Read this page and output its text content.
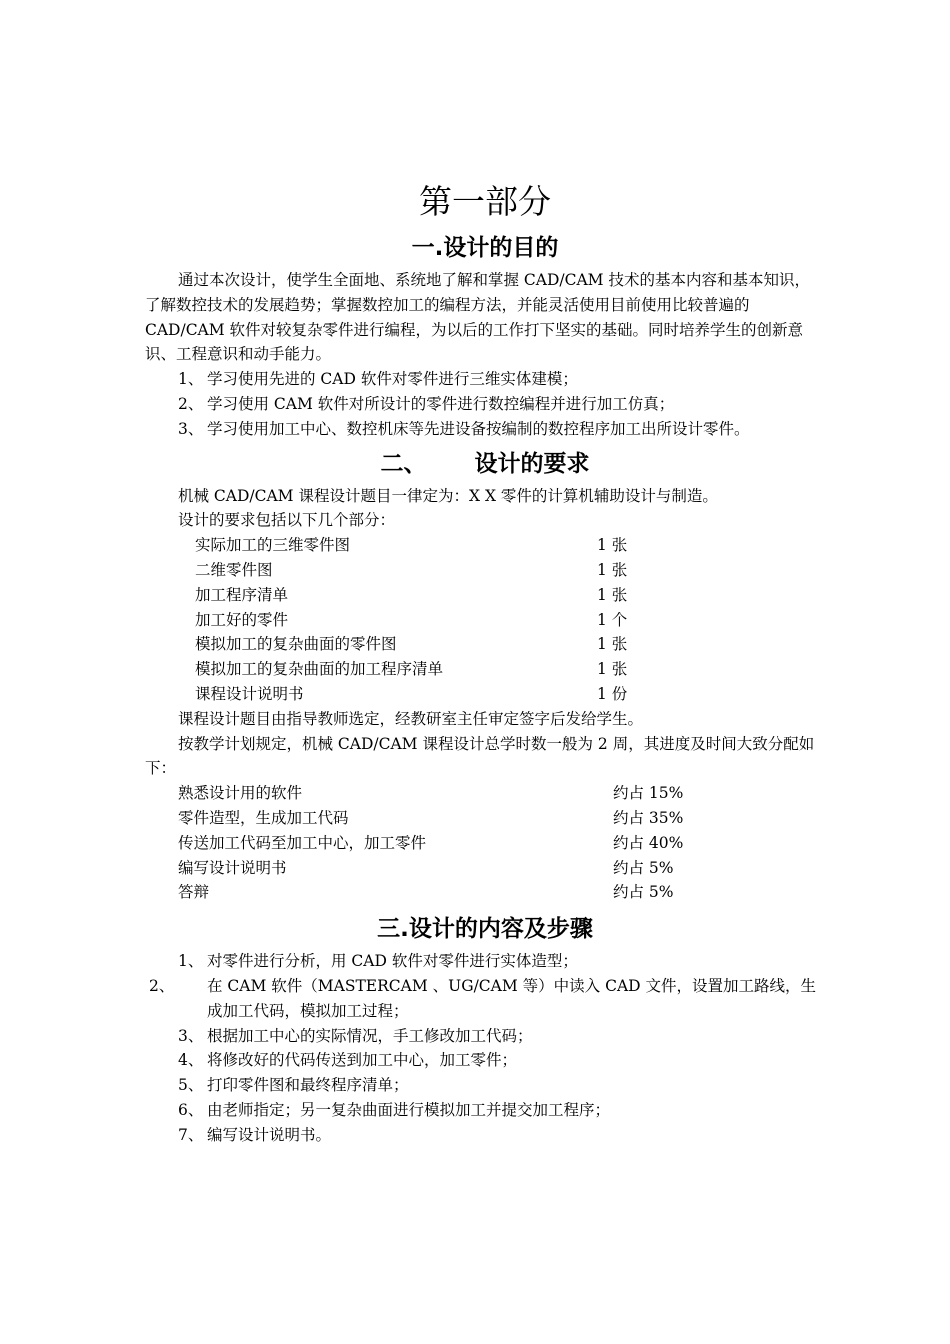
第一部分
一.设计的目的

通过本次设计，使学生全面地、系统地了解和掌握 CAD/CAM 技术的基本内容和基本知识，了解数控技术的发展趋势；掌握数控加工的编程方法，并能灵活使用目前使用比较普遍的 CAD/CAM 软件对较复杂零件进行编程，为以后的工作打下坚实的基础。同时培养学生的创新意识、工程意识和动手能力。

1、 学习使用先进的 CAD 软件对零件进行三维实体建模；
2、 学习使用 CAM 软件对所设计的零件进行数控编程并进行加工仿真；
3、 学习使用加工中心、数控机床等先进设备按编制的数控程序加工出所设计零件。
二、 设计的要求

机械 CAD/CAM 课程设计题目一律定为：X X 零件的计算机辅助设计与制造。

设计的要求包括以下几个部分：

实际加工的三维零件图	1 张
二维零件图	1 张
加工程序清单	1 张
加工好的零件	1 个
模拟加工的复杂曲面的零件图	1 张
模拟加工的复杂曲面的加工程序清单	1 张
课程设计说明书	1 份

课程设计题目由指导教师选定，经教研室主任审定签字后发给学生。

按教学计划规定，机械 CAD/CAM 课程设计总学时数一般为 2 周，其进度及时间大致分配如下：

熟悉设计用的软件	约占 15%
零件造型，生成加工代码	约占 35%
传送加工代码至加工中心，加工零件	约占 40%
编写设计说明书	约占 5%
答辩	约占 5%
三.设计的内容及步骤
1、 对零件进行分析，用 CAD 软件对零件进行实体造型；
2、 在 CAM 软件（MASTERCAM 、UG/CAM 等）中读入 CAD 文件，设置加工路线，生成加工代码，模拟加工过程；
3、 根据加工中心的实际情况，手工修改加工代码；
4、 将修改好的代码传送到加工中心，加工零件；
5、 打印零件图和最终程序清单；
6、 由老师指定；另一复杂曲面进行模拟加工并提交加工程序；
7、 编写设计说明书。
